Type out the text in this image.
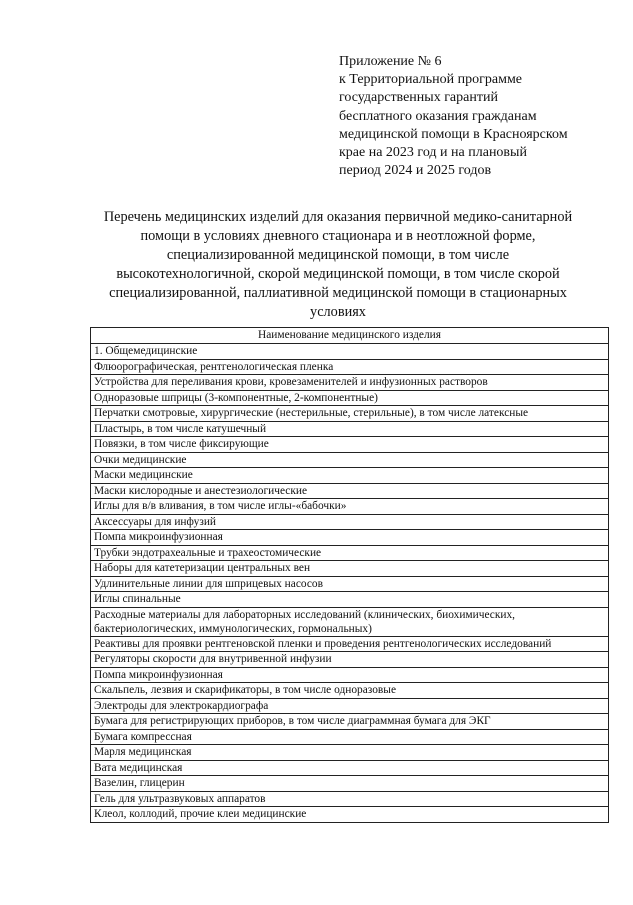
Приложение № 6
к Территориальной программе
государственных гарантий
бесплатного оказания гражданам
медицинской помощи в Красноярском
крае на 2023 год и на плановый
период 2024 и 2025 годов
Перечень медицинских изделий для оказания первичной медико-санитарной
помощи в условиях дневного стационара и в неотложной форме,
специализированной медицинской помощи, в том числе
высокотехнологичной, скорой медицинской помощи, в том числе скорой
специализированной, паллиативной медицинской помощи в стационарных
условиях
Наименование медицинского изделия
1. Общемедицинские
Флюорографическая, рентгенологическая пленка
Устройства для переливания крови, кровезаменителей и инфузионных растворов
Одноразовые шприцы (3-компонентные, 2-компонентные)
Перчатки смотровые, хирургические (нестерильные, стерильные), в том числе латексные
Пластырь, в том числе катушечный
Повязки, в том числе фиксирующие
Очки медицинские
Маски медицинские
Маски кислородные и анестезиологические
Иглы для в/в вливания, в том числе иглы-«бабочки»
Аксессуары для инфузий
Помпа микроинфузионная
Трубки эндотрахеальные и трахеостомические
Наборы для катетеризации центральных вен
Удлинительные линии для шприцевых насосов
Иглы спинальные
Расходные материалы для лабораторных исследований (клинических, биохимических, бактериологических, иммунологических, гормональных)
Реактивы для проявки рентгеновской пленки и проведения рентгенологических исследований
Регуляторы скорости для внутривенной инфузии
Помпа микроинфузионная
Скальпель, лезвия и скарификаторы, в том числе одноразовые
Электроды для электрокардиографа
Бумага для регистрирующих приборов, в том числе диаграммная бумага для ЭКГ
Бумага компрессная
Марля медицинская
Вата медицинская
Вазелин, глицерин
Гель для ультразвуковых аппаратов
Клеол, коллодий, прочие клеи медицинские
